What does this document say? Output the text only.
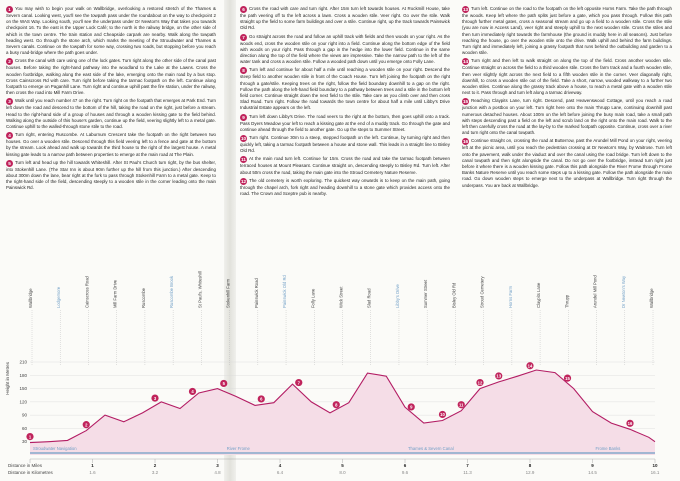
1 You may wish to begin your walk on Wallbridge, overlooking a restored stretch of the Thames & Severn canal. Looking west, you'll see the towpath pass under the roundabout on the way to checkpoint 2 on the WAS Way. Looking south, you'll see the underpass under Dr Newton's Way that takes you towards checkpoint 16. To the east is the Upper Lock Café; to the north is the railway bridge, on the other side of which is the town centre. The train station and Cheapside carpark are nearby. Walk along the towpath heading west. Go through the stone arch, which marks the meeting of the Stroudwater and Thames & Severn canals. Continue on the towpath for some way, crossing two roads, but stopping before you reach a busy road-bridge where the path goes under.

2 Cross the canal with care using one of the lock gates. Turn right along the other side of the canal past houses. Before taking the right-hand pathway into the woodland to the Lake at the Lawns. Cross the wooden footbridge, walking along the east side of the lake, emerging onto the main road by a bus stop. Cross Cainscross Rd with care. Turn right before taking the tarmac footpath on the left. Continue along footpath to emerge on Paganhill Lane. Turn right and continue uphill past the fire station, under the railway, then cross the road into Mill Farm Drive.

3 Walk until you reach number 47 on the right. Turn right on the footpath that emerges at Park End. Turn left down the road and descend to the bottom of the hill, taking the road on the right, just before a stream. Head to the right-hand side of a group of houses and through a wooden kissing gate to the field behind. Walking along the outside of this house's garden, continue up the field, veering slightly left to a metal gate. Continue uphill to the walled-through stone stile to the road.

4 Turn right, entering Ruscombe. At Laburnum Crescent take the footpath on the right between two houses. Go over a wooden stile. Descend through this field veering left to a fence and gate at the bottom by the stream. Look ahead and walk up towards the third house to the right of the largest house. A metal kissing gate leads to a narrow path between properties to emerge at the main road at The Plain.

5 Turn left and head up the hill towards Whiteshill. After St Paul's Church turn right, by the bus shelter, into Stokenhill Lane. (The Star Inn is about 90m further up the hill from this junction.) After descending about 300m down the lane, bear right at the fork to pass through Stokenhill Farm to a metal gate. Keep to the right-hand side of the field, descending steeply to a wooden stile in the corner leading onto the main Painswick Rd.

6 Cross the road with care and turn right. After 15m turn left towards houses. At Rockmill House, take the path veering off to the left across a lawn. Cross a wooden stile. Veer right. Go over the stile. Walk straight up the field to some farm buildings and over a stile. Continue right, up the track towards Painswick Old Rd.

7 Go straight across the road and follow an uphill track with fields and then woods on your right. As the woods end, cross the wooden stile on your right into a field. Continue along the bottom edge of the field with woods on your right. Pass through a gap in the hedge into the lower field. Continue in the same direction along the top of the field where the views are impressive. Take the narrow path to the left of the water tank and cross a wooden stile. Follow a wooded path down until you emerge onto Folly Lane.

8 Turn left and continue for about half a mile until reaching a wooden stile on your right. Descend the steep field to another wooden stile in front of the Coach House. Turn left joining the footpath on the right through a gate/stile. Keeping trees on the right, follow the field boundary downhill to a gap on the right. Follow the path along the left-hand field boundary to a pathway between trees and a stile in the bottom left field corner. Continue straight down the next field to the stile. Take care as you climb over and then cross Slad Road. Turn right. Follow the road towards the town centre for about half a mile until Libby's Drive Industrial Estate appears on the left.

9 Turn left down Libby's Drive. The road veers to the right at the bottom, then goes uphill onto a track. Pass Dyers Meadow your left to reach a kissing gate at the end of a muddy track. Go through the gate and continue ahead through the field to another gate. Go up the steps to Summer Street.

10 Turn right. Continue 30m to a steep, stepped footpath on the left. Continue, by turning right and then quickly left, taking a tarmac footpath between a house and stone wall. This leads in a straight line to Bisley Old Rd.

11 At the main road turn left. Continue for 15m. Cross the road and take the tarmac footpath between terraced houses at Mount Pleasant. Continue straight on, descending steeply to Bisley Rd. Turn left. After about 50m cross the road, taking the main gate into the Stroud Cemetery Nature Reserve.

12 The old cemetery is worth exploring. The quickest way onwards is to keep on the main path, going through the chapel arch, fork right and heading downhill to a stone gate which provides access onto the road. The Crown and Sceptre pub is nearby.

13 Turn left. Continue on the road to the footpath on the left opposite Horns Farm. Take the path through the woods. Keep left where the path splits just before a gate, which you pass through. Follow this path through further metal gates, cross a seasonal stream and go up a field to a wooden stile. Cross the stile (you are now in Access Land), veer right and steeply uphill to the next wooden stile. Cross the stiles and then turn immediately right towards the farmhouse (the ground is muddy here in all seasons). Just before reaching the house, go over the wooden stile onto the drive. Walk uphill and behind the farm buildings. Turn right and immediately left, joining a grassy footpath that runs behind the outbuilding and garden to a wooden stile.

14 Turn right and then left to walk straight on along the top of the field. Cross another wooden stile. Continue straight on across the field to a third wooden stile. Cross the farm track and a fourth wooden stile, then veer slightly right across the next field to a fifth wooden stile in the corner. Veer diagonally right, downhill, to cross a wooden stile out of the field. Take a short, narrow, wooded walkway to a further two wooden stiles. Continue along the grassy track above a house, to reach a metal gate with a wooden stile next to it. Pass through and turn left along a tarmac driveway.

15 Reaching Claypits Lane, turn right. Descend, past Heavenswood Cottage, until you reach a road junction with a postbox on your left. Turn right here onto the main Thrupp Lane, continuing downhill past numerous detached houses. About 100m on the left before joining the busy main road, take a small path with steps descending past a field on the left and scrub land on the right onto the main road. Walk to the left then carefully cross the road at the lay-by to the marked footpath opposite. Continue, cross over a river and turn right onto the canal towpath.

16 Continue straight on, crossing the road at Butterrow, past the Arundel Mill Pond on your right, veering left at the picnic area, until you reach the pedestrian crossing at Dr Newton's Way, by Waitrose. Turn left onto the pavement, walk under the viaduct and over the canal using the road bridge. Turn left down to the canal towpath and then right alongside the canal. Do not go over the footbridge, instead turn right just before it where there is a wooden kissing gate. Follow this path alongside the River Frome through Frome Banks Nature Reserve until you reach some steps up to a kissing gate. Follow the path alongside the main road. Go down wooden steps to emerge next to the underpass at Wallbridge. Turn right through the underpass. You are back at Wallbridge.

Height in Metres 210
180
150
120
90
60
30
1
2
3
4
5
6
7
8	9
10
11
12
13
14
15
16
Wallbridge	Lodgemore	Cainscross Road	Mill Farm Drive	Ruscombe	Ruscombe Brook	St Paul's, Whiteshill	Stokenhill Farm	Painswick Road	Painswick Old Rd	Folly Lane	Wick Street	Slad Road	Libby's Drive	Summer Street	Bisley Old Rd	Stroud Cemetery	Horns Farm	Claypits Lane	Thrupp	Arundel Mill Pond	Dr Newton's Way	Wallbridge
Stroudwater Navigation	River Frome	Thames & Severn Canal	Frome Banks
Distance in Miles
Distance in Kilometres
1
1.6
2
3.2
3
4.8
4
6.4
5
8.0
6
9.6
7
11.3
8
12.9
9
14.5
10
16.1
